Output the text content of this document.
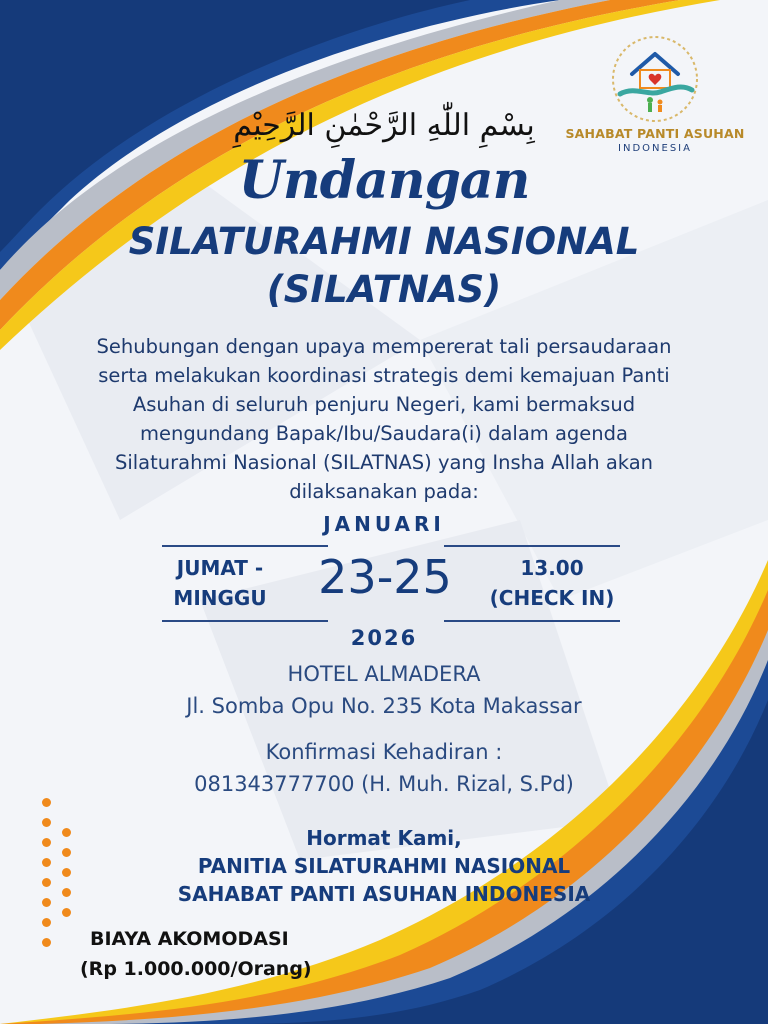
SAHABAT PANTI ASUHAN
INDONESIA
بِسْمِ اللّٰهِ الرَّحْمٰنِ الرَّحِيْمِ
Undangan
SILATURAHMI NASIONAL
(SILATNAS)
Sehubungan dengan upaya mempererat tali persaudaraan
serta melakukan koordinasi strategis demi kemajuan Panti
Asuhan di seluruh penjuru Negeri, kami bermaksud
mengundang Bapak/Ibu/Saudara(i) dalam agenda
Silaturahmi Nasional (SILATNAS) yang Insha Allah akan
dilaksanakan pada:
JANUARI
JUMAT -
MINGGU	23-25	13.00
(CHECK IN)
2026
HOTEL ALMADERA
Jl. Somba Opu No. 235 Kota Makassar
Konfirmasi Kehadiran :
081343777700 (H. Muh. Rizal, S.Pd)
Hormat Kami,
PANITIA SILATURAHMI NASIONAL
SAHABAT PANTI ASUHAN INDONESIA
BIAYA AKOMODASI
(Rp 1.000.000/Orang)
